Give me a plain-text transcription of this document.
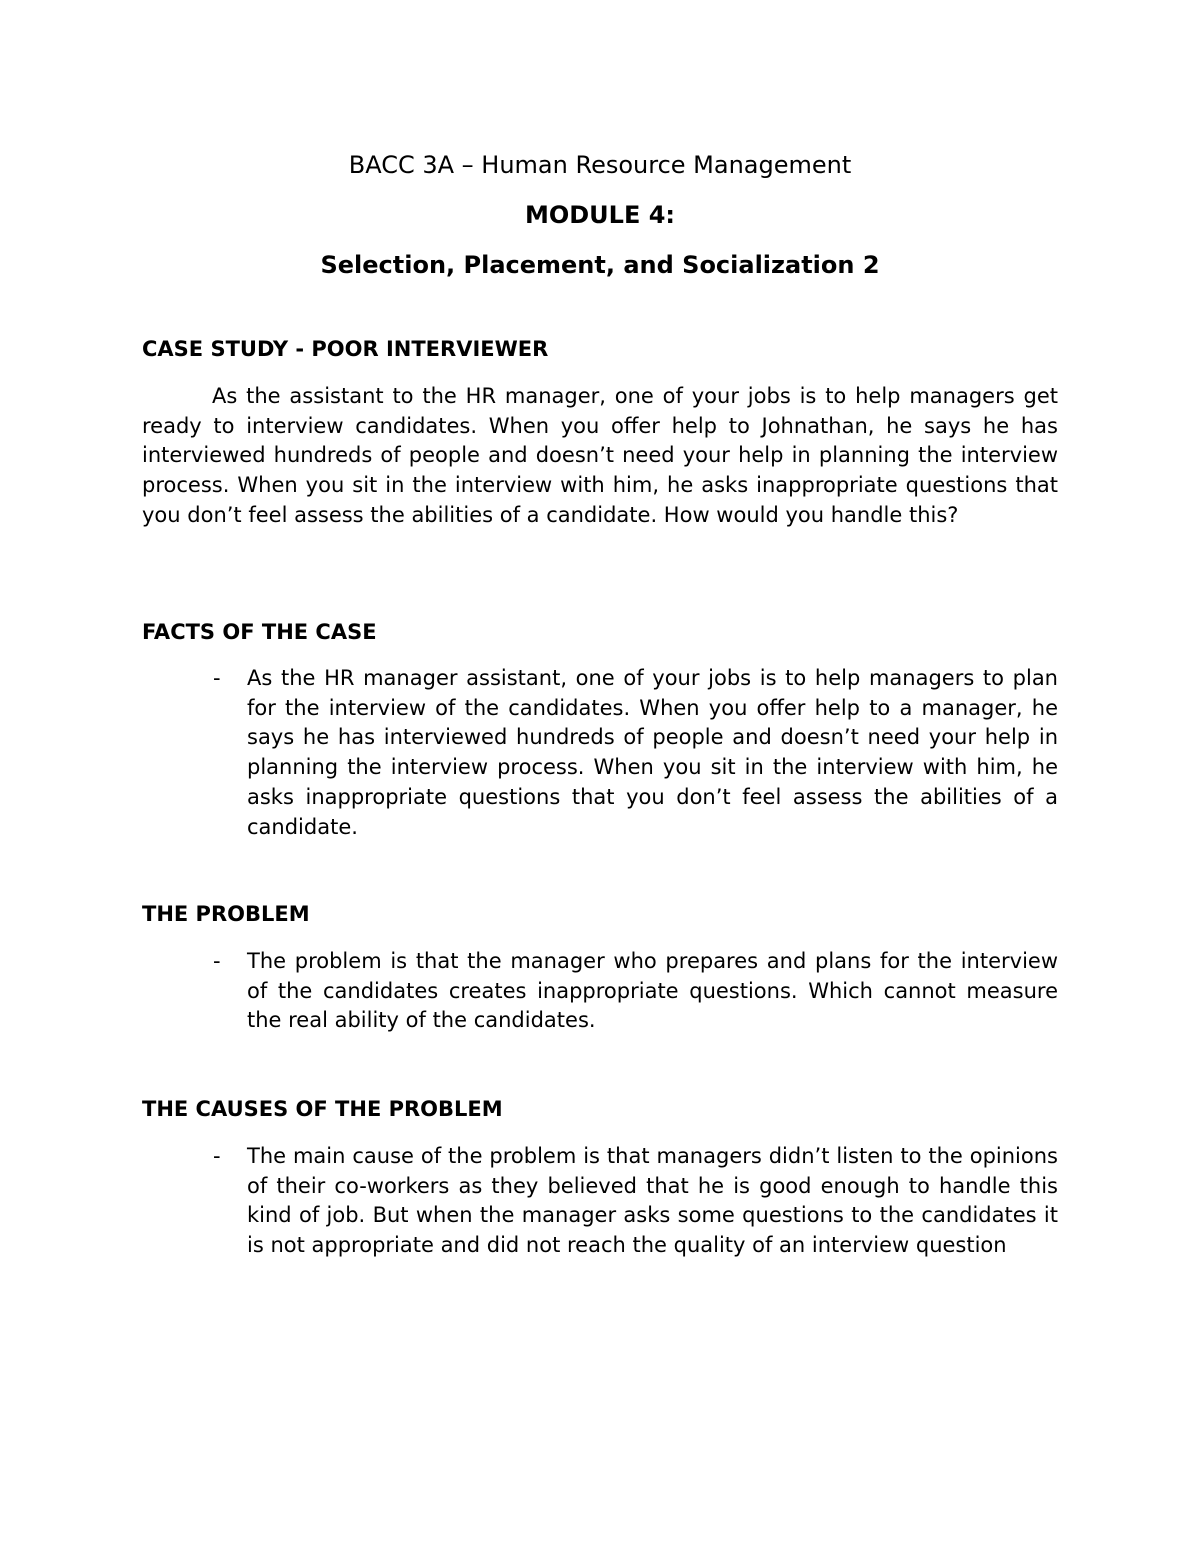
BACC 3A – Human Resource Management
MODULE 4:
Selection, Placement, and Socialization 2
CASE STUDY - POOR INTERVIEWER

As the assistant to the HR manager, one of your jobs is to help managers get ready to interview candidates. When you offer help to Johnathan, he says he has interviewed hundreds of people and doesn’t need your help in planning the interview process. When you sit in the interview with him, he asks inappropriate questions that you don’t feel assess the abilities of a candidate. How would you handle this?

FACTS OF THE CASE
- As the HR manager assistant, one of your jobs is to help managers to plan for the interview of the candidates. When you offer help to a manager, he says he has interviewed hundreds of people and doesn’t need your help in planning the interview process. When you sit in the interview with him, he asks inappropriate questions that you don’t feel assess the abilities of a candidate.
THE PROBLEM
- The problem is that the manager who prepares and plans for the interview of the candidates creates inappropriate questions. Which cannot measure the real ability of the candidates.
THE CAUSES OF THE PROBLEM
- The main cause of the problem is that managers didn’t listen to the opinions of their co-workers as they believed that he is good enough to handle this kind of job. But when the manager asks some questions to the candidates it is not appropriate and did not reach the quality of an interview question
